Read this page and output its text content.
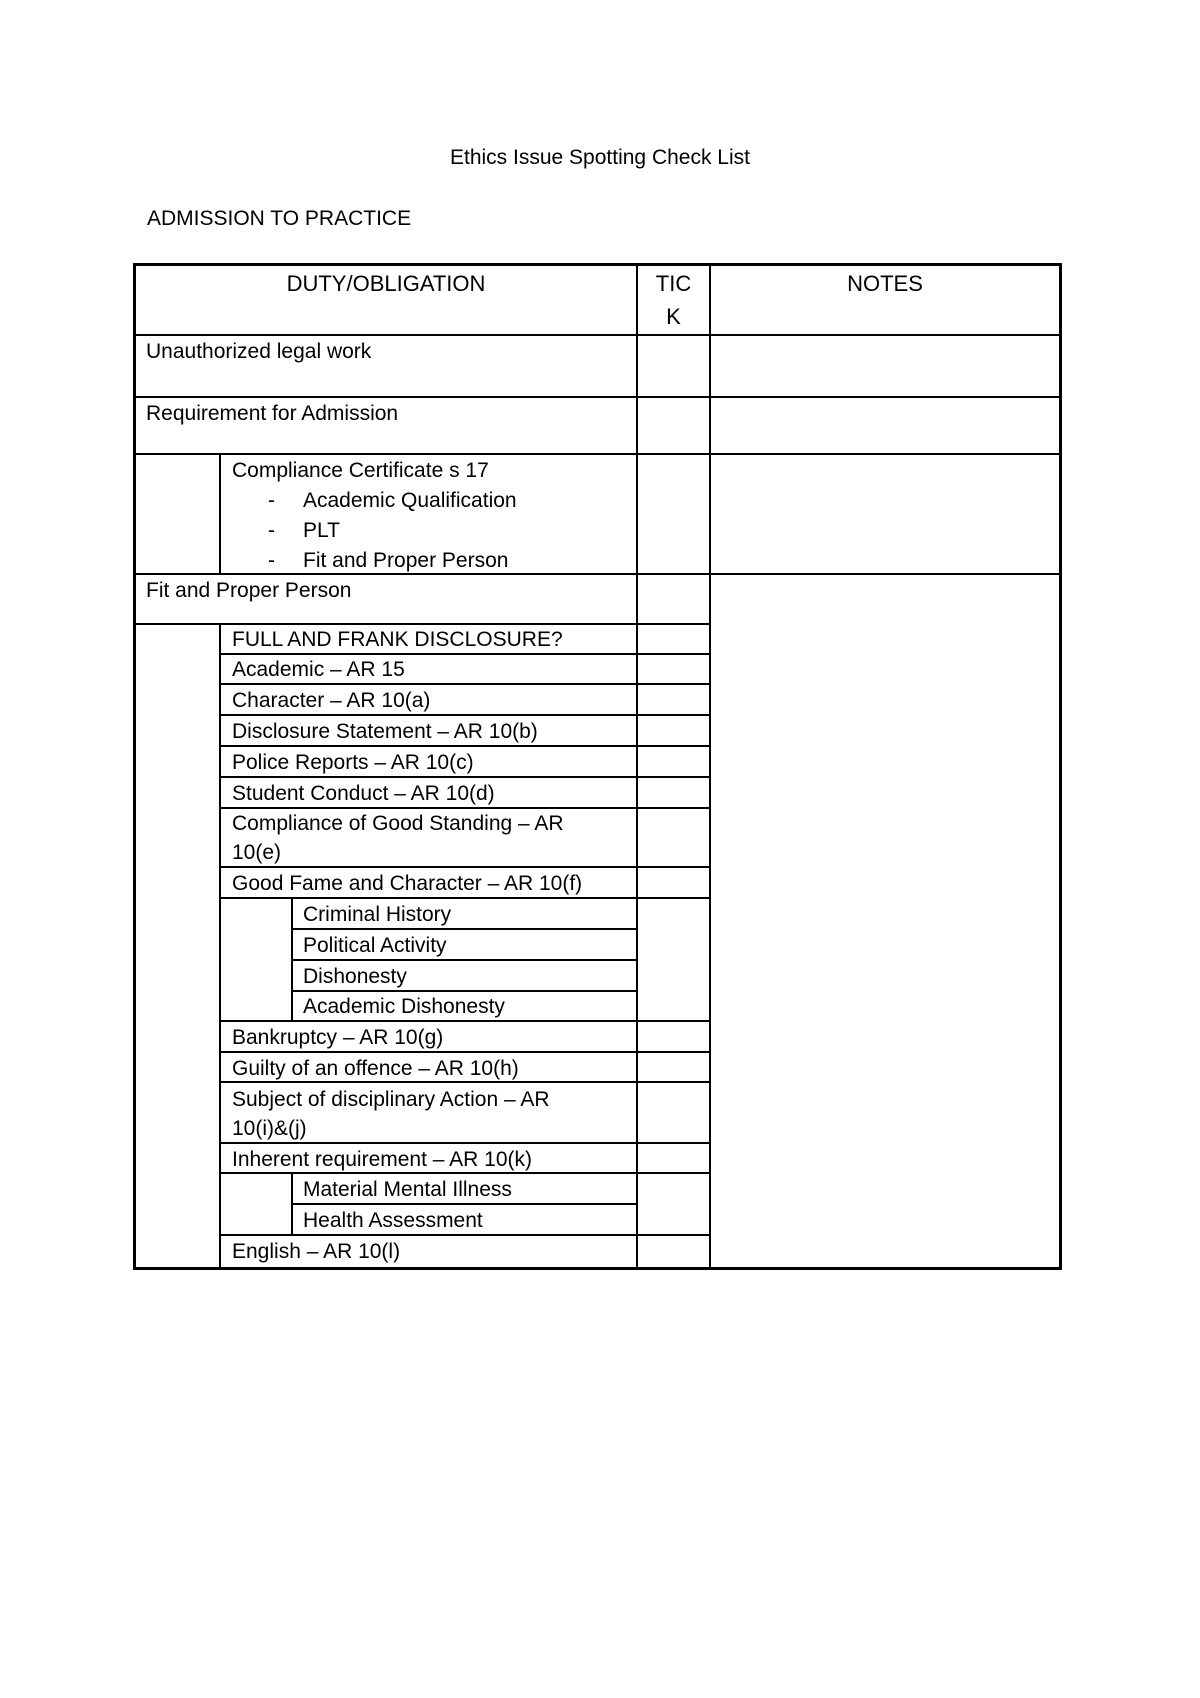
Ethics Issue Spotting Check List
ADMISSION TO PRACTICE
DUTY/OBLIGATION	TIC
K
NOTES
Unauthorized legal work
Requirement for Admission
Compliance Certificate s 17
- Academic Qualification
- PLT
- Fit and Proper Person
Fit and Proper Person
FULL AND FRANK DISCLOSURE?
Academic – AR 15
Character – AR 10(a)
Disclosure Statement – AR 10(b)
Police Reports – AR 10(c)
Student Conduct – AR 10(d)
Compliance of Good Standing – AR
10(e)
Good Fame and Character – AR 10(f)
Criminal History
Political Activity
Dishonesty
Academic Dishonesty
Bankruptcy – AR 10(g)
Guilty of an offence – AR 10(h)
Subject of disciplinary Action – AR
10(i)&(j)
Inherent requirement – AR 10(k)
Material Mental Illness
Health Assessment
English – AR 10(l)
